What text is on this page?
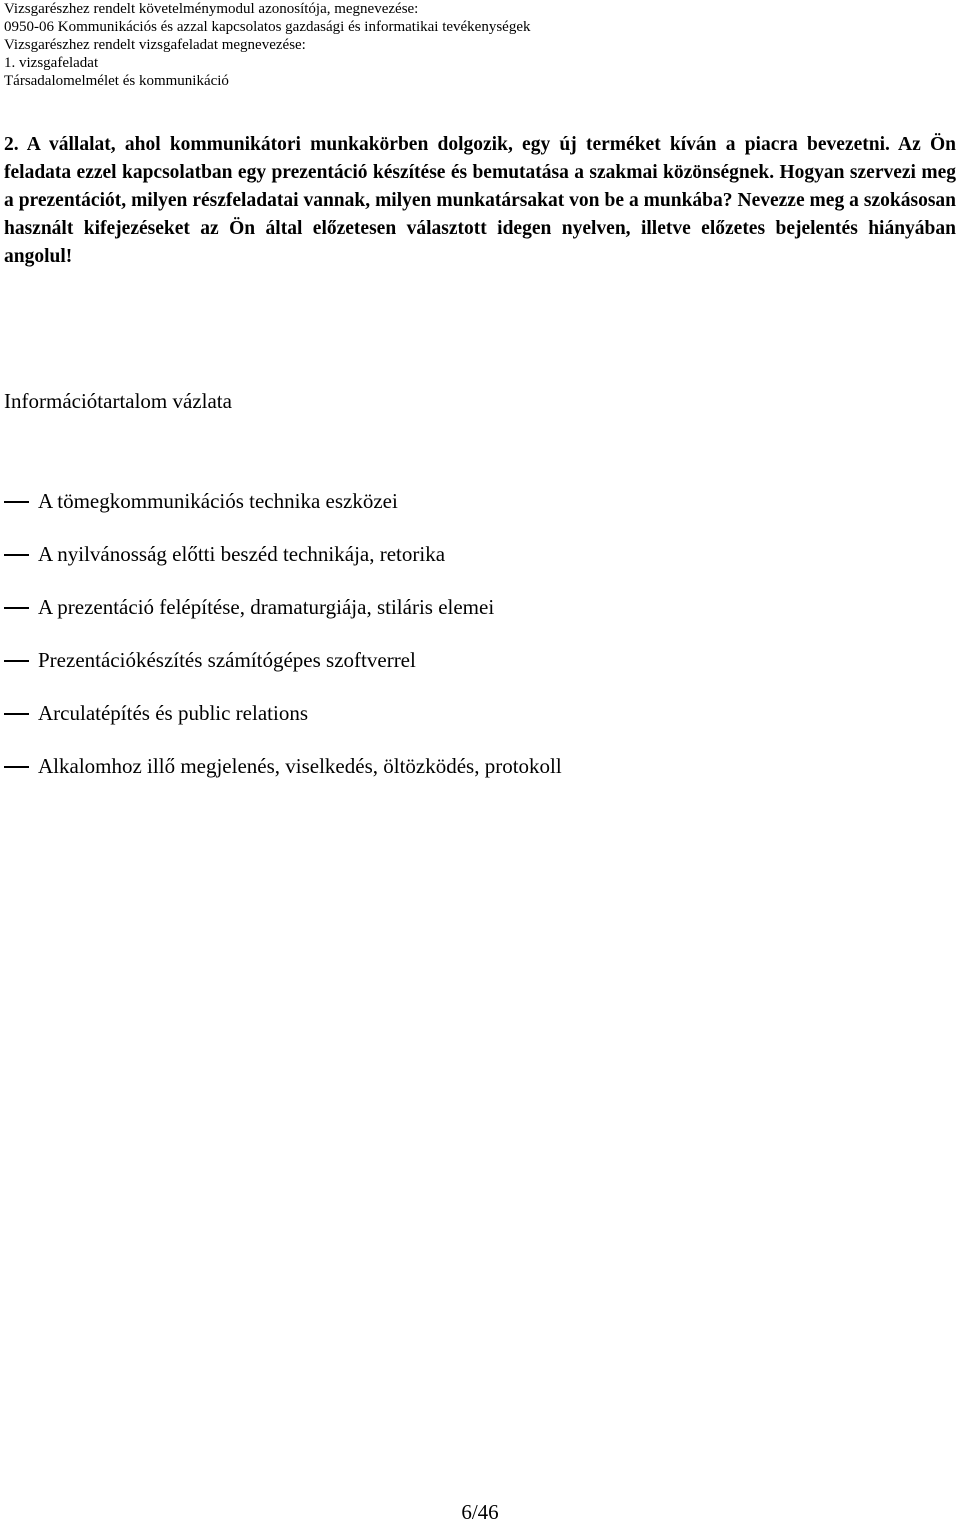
Vizsgarészhez rendelt követelménymodul azonosítója, megnevezése:
0950-06 Kommunikációs és azzal kapcsolatos gazdasági és informatikai tevékenységek
Vizsgarészhez rendelt vizsgafeladat megnevezése:
1. vizsgafeladat
Társadalomelmélet és kommunikáció
2. A vállalat, ahol kommunikátori munkakörben dolgozik, egy új terméket kíván a piacra bevezetni. Az Ön feladata ezzel kapcsolatban egy prezentáció készítése és bemutatása a szakmai közönségnek. Hogyan szervezi meg a prezentációt, milyen részfeladatai vannak, milyen munkatársakat von be a munkába? Nevezze meg a szokásosan használt kifejezéseket az Ön által előzetesen választott idegen nyelven, illetve előzetes bejelentés hiányában angolul!
Információtartalom vázlata
A tömegkommunikációs technika eszközei
A nyilvánosság előtti beszéd technikája, retorika
A prezentáció felépítése, dramaturgiája, stiláris elemei
Prezentációkészítés számítógépes szoftverrel
Arculatépítés és public relations
Alkalomhoz illő megjelenés, viselkedés, öltözködés, protokoll
6/46
